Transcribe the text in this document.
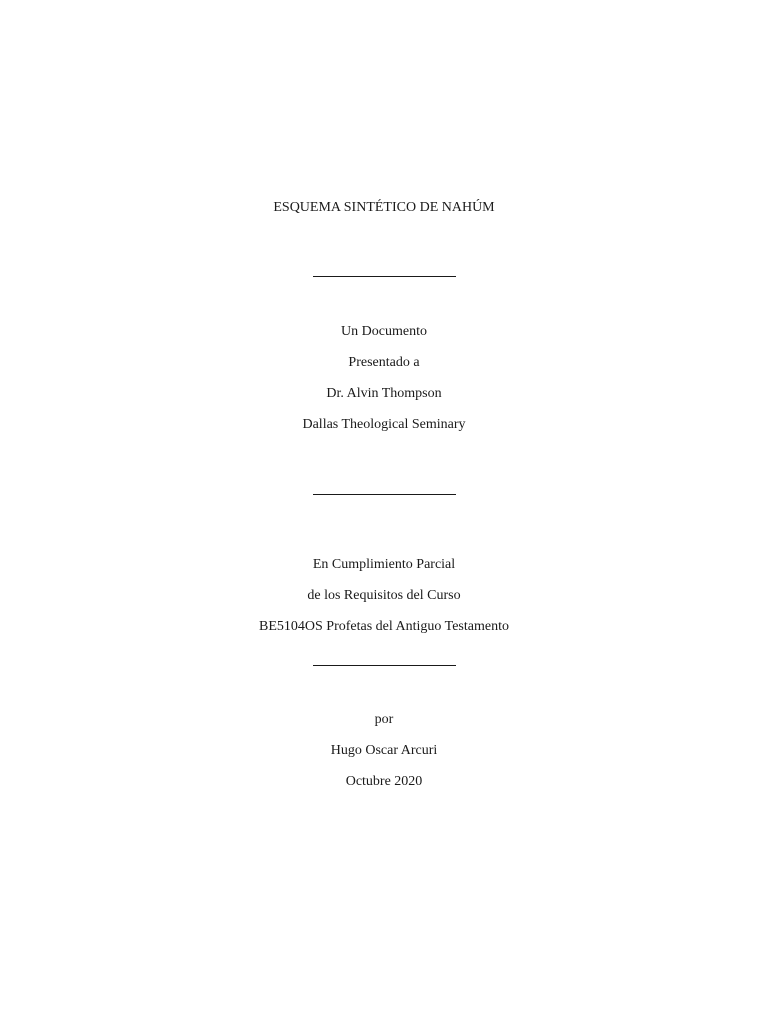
ESQUEMA SINTÉTICO DE NAHÚM
Un Documento
Presentado a
Dr. Alvin Thompson
Dallas Theological Seminary
En Cumplimiento Parcial
de los Requisitos del Curso
BE5104OS Profetas del Antiguo Testamento
por
Hugo Oscar Arcuri
Octubre 2020
